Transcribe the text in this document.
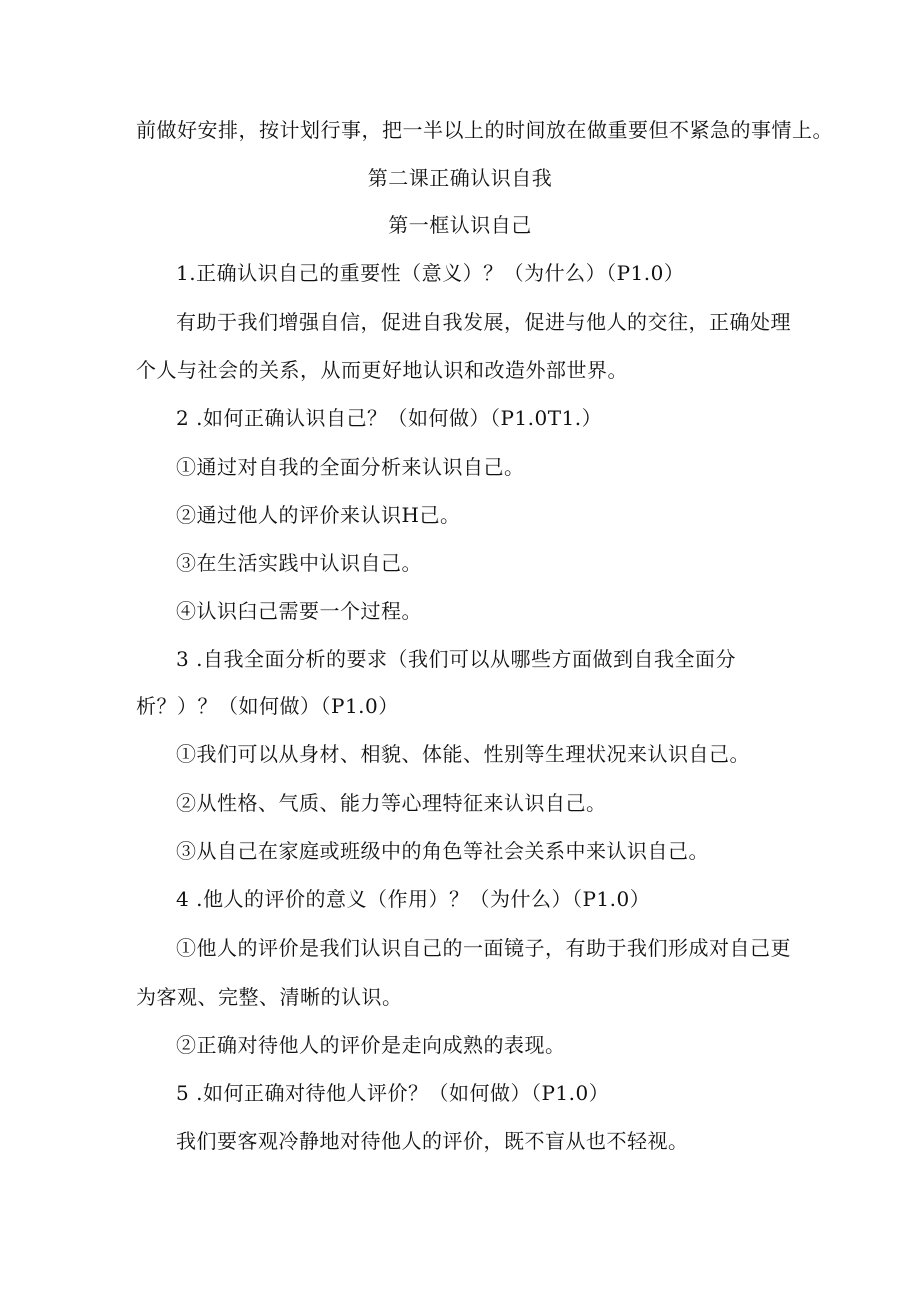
前做好安排，按计划行事，把一半以上的时间放在做重要但不紧急的事情上。
第二课正确认识自我
第一框认识自己
1.正确认识自己的重要性（意义）？（为什么）（P1.0）
有助于我们增强自信，促进自我发展，促进与他人的交往，正确处理
个人与社会的关系，从而更好地认识和改造外部世界。
2 .如何正确认识自己？（如何做）（P1.0T1.）
①通过对自我的全面分析来认识自己。
②通过他人的评价来认识H己。
③在生活实践中认识自己。
④认识臼己需要一个过程。
3 .自我全面分析的要求（我们可以从哪些方面做到自我全面分
析？）？（如何做）（P1.0）
①我们可以从身材、相貌、体能、性别等生理状况来认识自己。
②从性格、气质、能力等心理特征来认识自己。
③从自己在家庭或班级中的角色等社会关系中来认识自己。
4 .他人的评价的意义（作用）？（为什么）（P1.0）
①他人的评价是我们认识自己的一面镜子，有助于我们形成对自己更
为客观、完整、清晰的认识。
②正确对待他人的评价是走向成熟的表现。
5 .如何正确对待他人评价？（如何做）（P1.0）
我们要客观冷静地对待他人的评价，既不盲从也不轻视。
